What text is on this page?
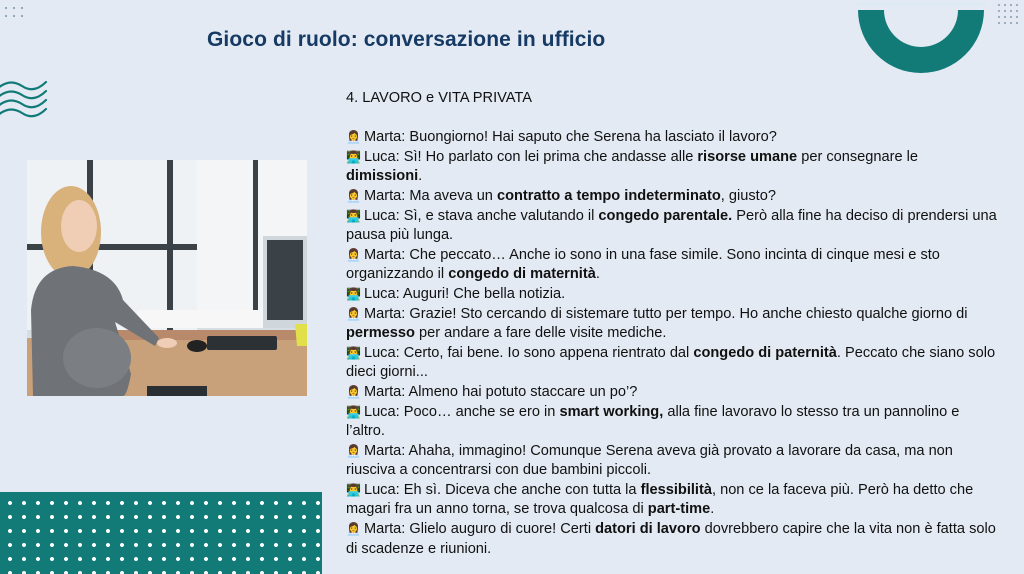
Gioco di ruolo: conversazione in ufficio

4. LAVORO e VITA PRIVATA

👩‍💼 Marta: Buongiorno! Hai saputo che Serena ha lasciato il lavoro?

👨‍💻 Luca: Sì! Ho parlato con lei prima che andasse alle risorse umane per consegnare le dimissioni.

👩‍💼 Marta: Ma aveva un contratto a tempo indeterminato, giusto?

👨‍💻 Luca: Sì, e stava anche valutando il congedo parentale. Però alla fine ha deciso di prendersi una pausa più lunga.

👩‍💼 Marta: Che peccato… Anche io sono in una fase simile. Sono incinta di cinque mesi e sto organizzando il congedo di maternità.

👨‍💻 Luca: Auguri! Che bella notizia.

👩‍💼 Marta: Grazie! Sto cercando di sistemare tutto per tempo. Ho anche chiesto qualche giorno di permesso per andare a fare delle visite mediche.

👨‍💻 Luca: Certo, fai bene. Io sono appena rientrato dal congedo di paternità. Peccato che siano solo dieci giorni...

👩‍💼 Marta: Almeno hai potuto staccare un po’?

👨‍💻 Luca: Poco… anche se ero in smart working, alla fine lavoravo lo stesso tra un pannolino e l’altro.

👩‍💼 Marta: Ahaha, immagino! Comunque Serena aveva già provato a lavorare da casa, ma non riusciva a concentrarsi con due bambini piccoli.

👨‍💻 Luca: Eh sì. Diceva che anche con tutta la flessibilità, non ce la faceva più. Però ha detto che magari fra un anno torna, se trova qualcosa di part-time.

👩‍💼 Marta: Glielo auguro di cuore! Certi datori di lavoro dovrebbero capire che la vita non è fatta solo di scadenze e riunioni.
